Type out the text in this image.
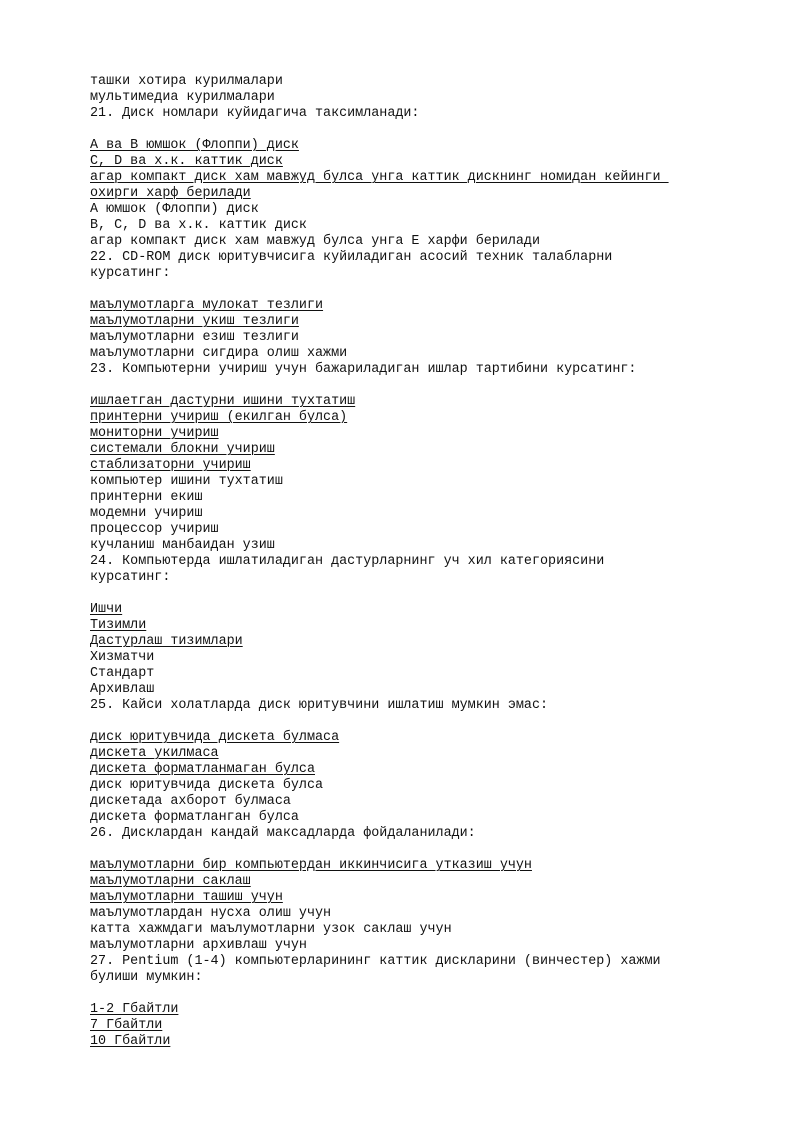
ташки хотира курилмалари
мультимедиа курилмалари
21. Диск номлари куйидагича таксимланади:
А ва В юмшок (Флоппи) диск
С, D ва х.к. каттик диск
агар компакт диск хам мавжуд булса унга каттик дискнинг номидан кейинги
охирги харф берилади
А юмшок (Флоппи) диск
В, С, D ва х.к. каттик диск
агар компакт диск хам мавжуд булса унга Е харфи берилади
22. CD-ROM диск юритувчисига куйиладиган асосий техник талабларни
курсатинг:
маълумотларга мулокат тезлиги
маълумотларни укиш тезлиги
маълумотларни езиш тезлиги
маълумотларни сигдира олиш хажми
23. Компьютерни учириш учун бажариладиган ишлар тартибини курсатинг:
ишлаетган дастурни ишини тухтатиш
принтерни учириш (екилган булса)
мониторни учириш
системали блокни учириш
стаблизаторни учириш
компьютер ишини тухтатиш
принтерни екиш
модемни учириш
процессор учириш
кучланиш манбаидан узиш
24. Компьютерда ишлатиладиган дастурларнинг уч хил категориясини
курсатинг:
Ишчи
Тизимли
Дастурлаш тизимлари
Хизматчи
Стандарт
Архивлаш
25. Кайси холатларда диск юритувчини ишлатиш мумкин эмас:
диск юритувчида дискета булмаса
дискета укилмаса
дискета форматланмаган булса
диск юритувчида дискета булса
дискетада ахборот булмаса
дискета форматланган булса
26. Дисклардан кандай максадларда фойдаланилади:
маълумотларни бир компьютердан иккинчисига утказиш учун
маълумотларни саклаш
маълумотларни ташиш учун
маълумотлардан нусха олиш учун
катта хажмдаги маълумотларни узок саклаш учун
маълумотларни архивлаш учун
27. Pentium (1-4) компьютерларининг каттик дискларини (винчестер) хажми
булиши мумкин:
1-2 Гбайтли
7 Гбайтли
10 Гбайтли
